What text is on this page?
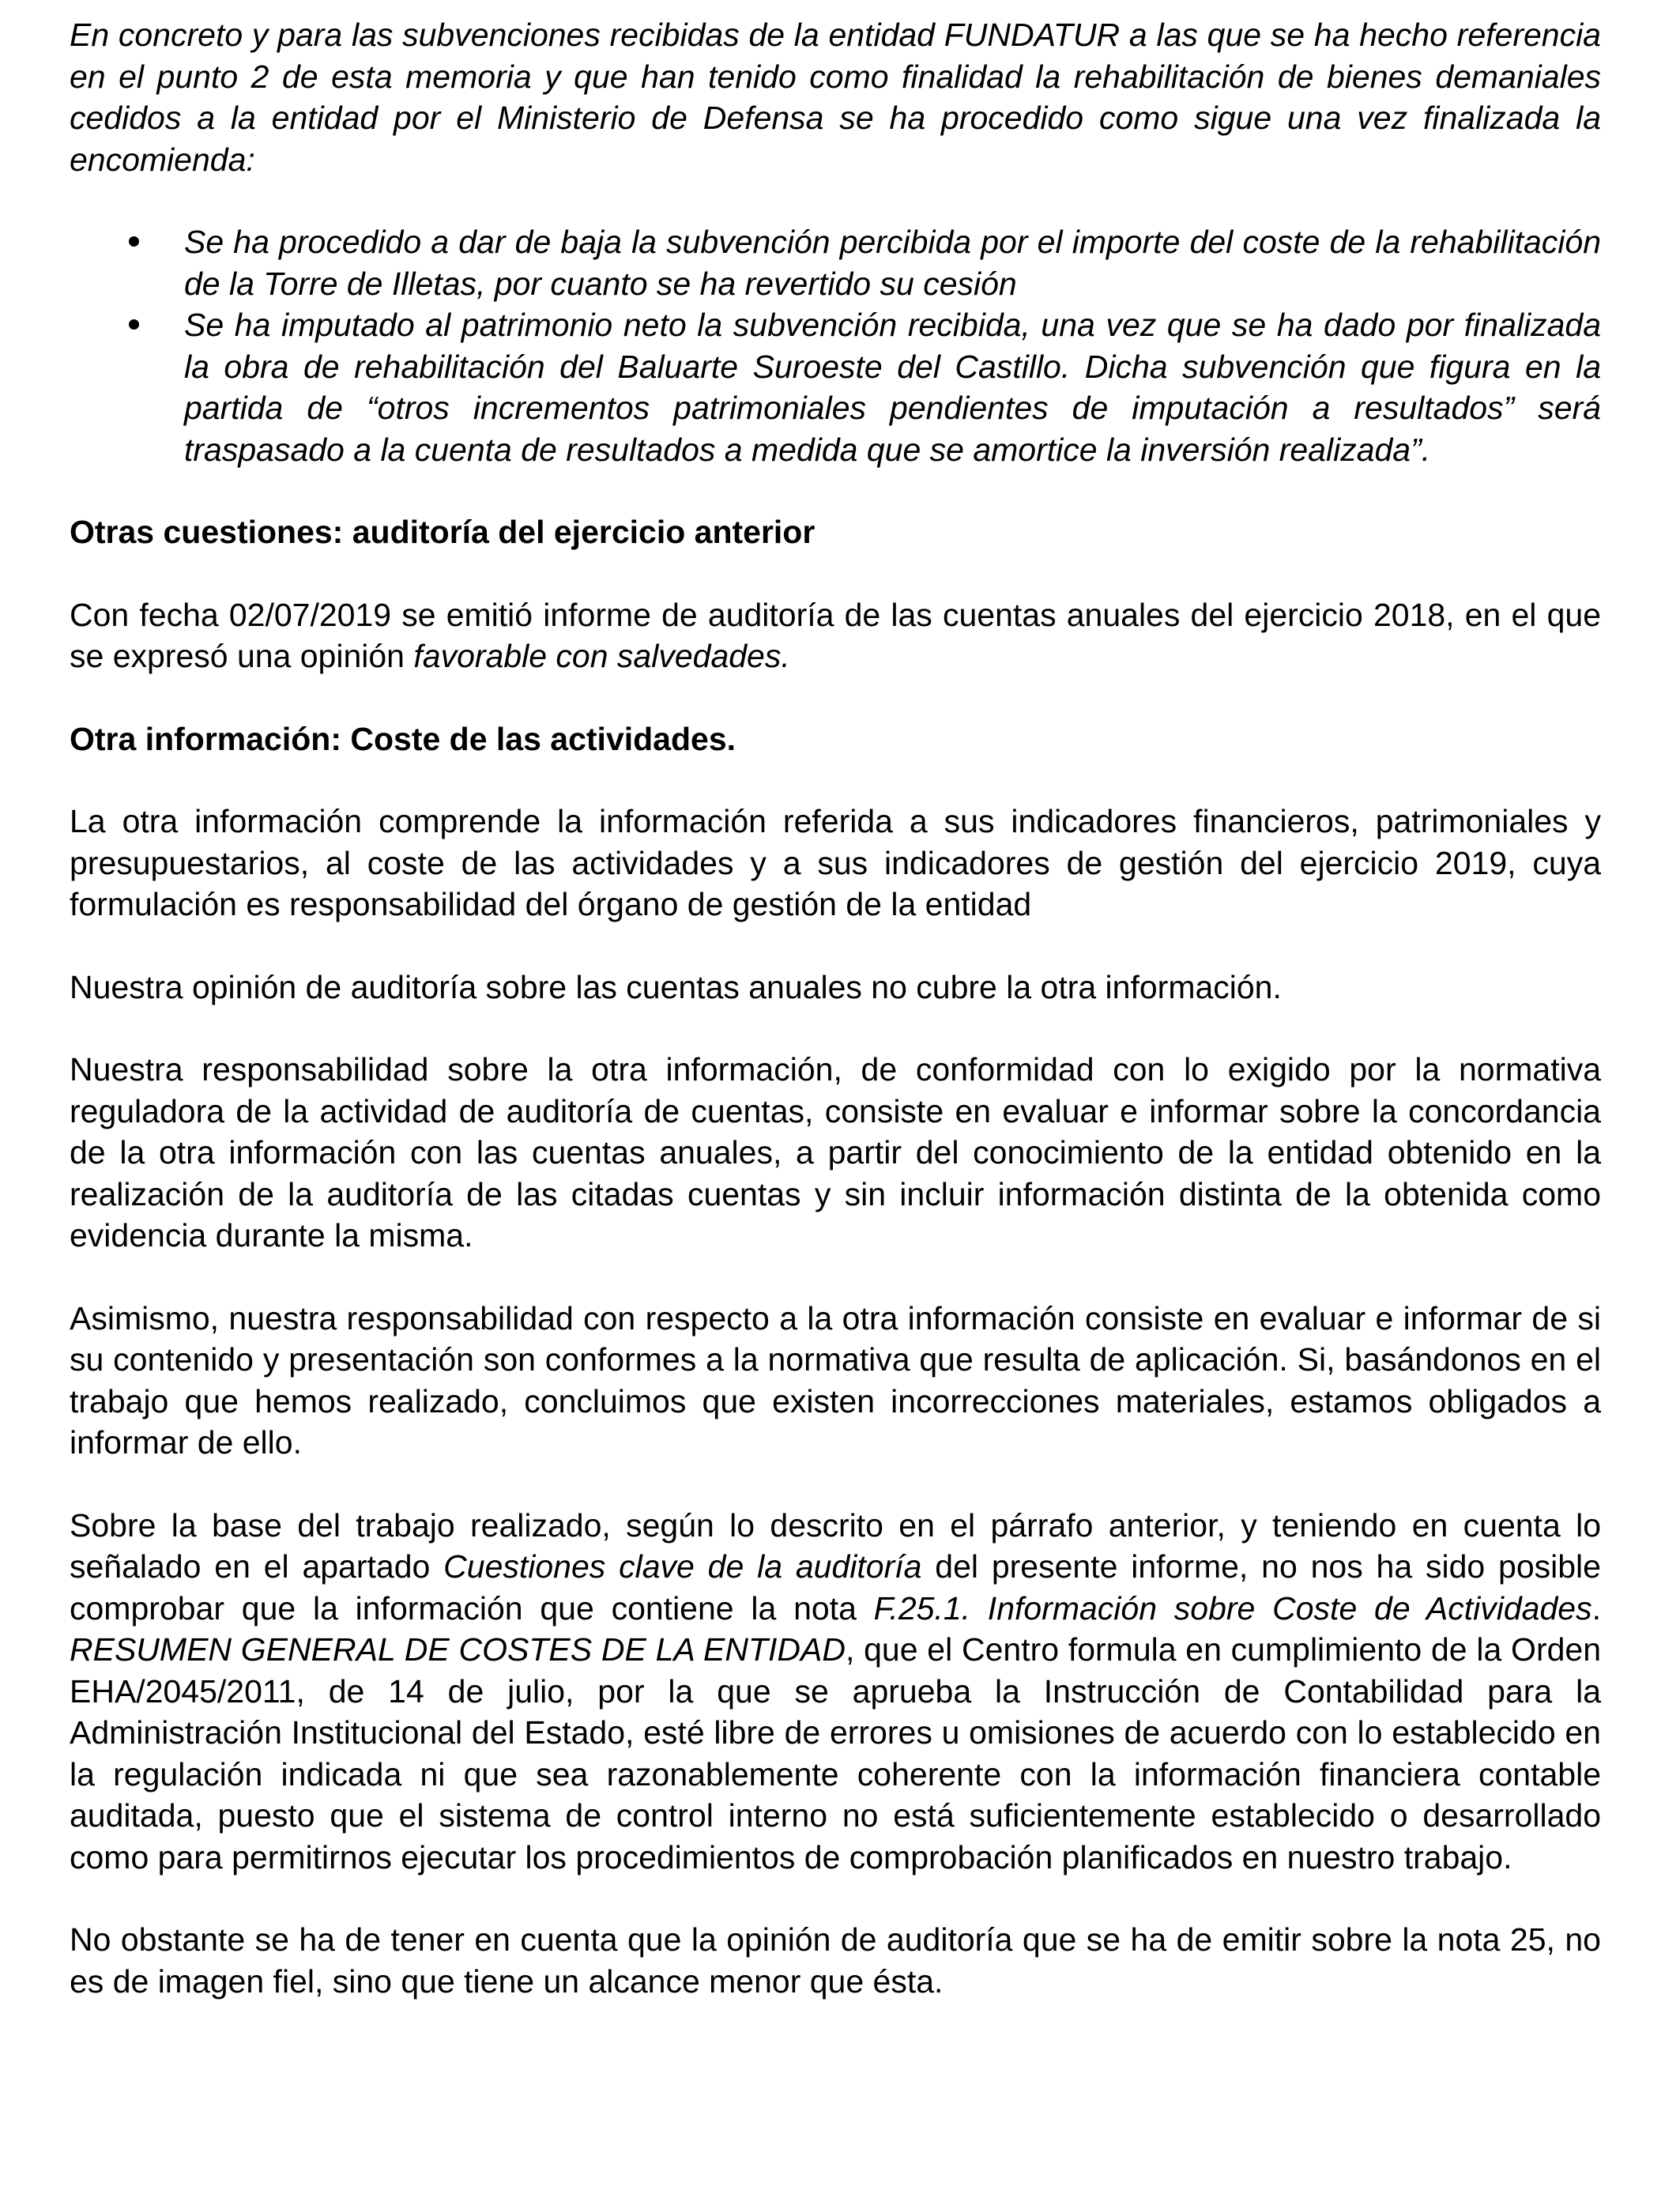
En concreto y para las subvenciones recibidas de la entidad FUNDATUR a las que se ha hecho referencia en el punto 2 de esta memoria y que han tenido como finalidad la rehabilitación de bienes demaniales cedidos a la entidad por el Ministerio de Defensa se ha procedido como sigue una vez finalizada la encomienda:

Se ha procedido a dar de baja la subvención percibida por el importe del coste de la rehabilitación de la Torre de Illetas, por cuanto se ha revertido su cesión
Se ha imputado al patrimonio neto la subvención recibida, una vez que se ha dado por finalizada la obra de rehabilitación del Baluarte Suroeste del Castillo. Dicha subvención que figura en la partida de “otros incrementos patrimoniales pendientes de imputación a resultados” será traspasado a la cuenta de resultados a medida que se amortice la inversión realizada”.
Otras cuestiones: auditoría del ejercicio anterior

Con fecha 02/07/2019 se emitió informe de auditoría de las cuentas anuales del ejercicio 2018, en el que se expresó una opinión favorable con salvedades.

Otra información: Coste de las actividades.

La otra información comprende la información referida a sus indicadores financieros, patrimoniales y presupuestarios, al coste de las actividades y a sus indicadores de gestión del ejercicio 2019, cuya formulación es responsabilidad del órgano de gestión de la entidad

Nuestra opinión de auditoría sobre las cuentas anuales no cubre la otra información.

Nuestra responsabilidad sobre la otra información, de conformidad con lo exigido por la normativa reguladora de la actividad de auditoría de cuentas, consiste en evaluar e informar sobre la concordancia de la otra información con las cuentas anuales, a partir del conocimiento de la entidad obtenido en la realización de la auditoría de las citadas cuentas y sin incluir información distinta de la obtenida como evidencia durante la misma.

Asimismo, nuestra responsabilidad con respecto a la otra información consiste en evaluar e informar de si su contenido y presentación son conformes a la normativa que resulta de aplicación. Si, basándonos en el trabajo que hemos realizado, concluimos que existen incorrecciones materiales, estamos obligados a informar de ello.

Sobre la base del trabajo realizado, según lo descrito en el párrafo anterior, y teniendo en cuenta lo señalado en el apartado Cuestiones clave de la auditoría del presente informe, no nos ha sido posible comprobar que la información que contiene la nota F.25.1. Información sobre Coste de Actividades. RESUMEN GENERAL DE COSTES DE LA ENTIDAD, que el Centro formula en cumplimiento de la Orden EHA/2045/2011, de 14 de julio, por la que se aprueba la Instrucción de Contabilidad para la Administración Institucional del Estado, esté libre de errores u omisiones de acuerdo con lo establecido en la regulación indicada ni que sea razonablemente coherente con la información financiera contable auditada, puesto que el sistema de control interno no está suficientemente establecido o desarrollado como para permitirnos ejecutar los procedimientos de comprobación planificados en nuestro trabajo.

No obstante se ha de tener en cuenta que la opinión de auditoría que se ha de emitir sobre la nota 25, no es de imagen fiel, sino que tiene un alcance menor que ésta.
